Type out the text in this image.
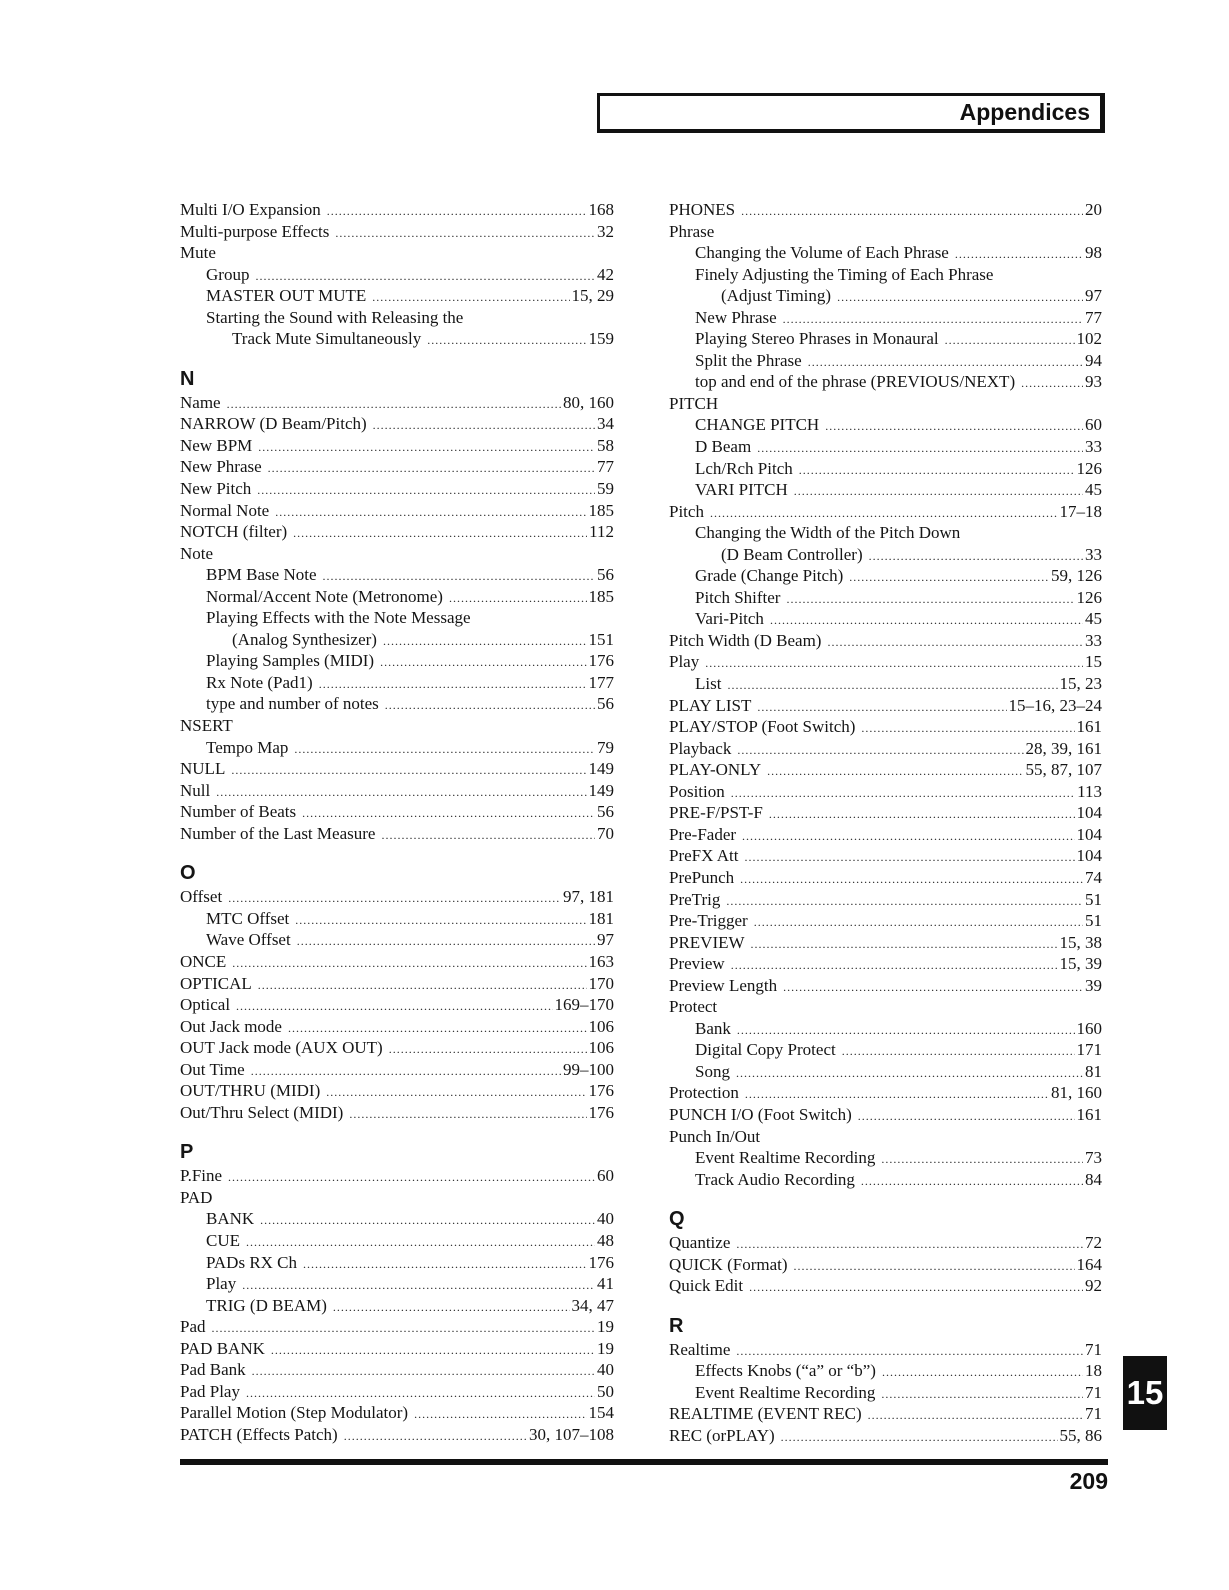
Appendices
Multi I/O Expansion .....	168
Multi-purpose Effects .....	32
Mute
Group .....	42
MASTER OUT MUTE .....	15, 29
Starting the Sound with Releasing the
Track Mute Simultaneously .....	159
N
Name .....	80, 160
NARROW (D Beam/Pitch) .....	34
New BPM .....	58
New Phrase .....	77
New Pitch .....	59
Normal Note .....	185
NOTCH (filter) .....	112
Note
BPM Base Note .....	56
Normal/Accent Note (Metronome) .....	185
Playing Effects with the Note Message
(Analog Synthesizer) .....	151
Playing Samples (MIDI) .....	176
Rx Note (Pad1) .....	177
type and number of notes .....	56
NSERT
Tempo Map .....	79
NULL .....	149
Null .....	149
Number of Beats .....	56
Number of the Last Measure .....	70
O
Offset .....	97, 181
MTC Offset .....	181
Wave Offset .....	97
ONCE .....	163
OPTICAL .....	170
Optical .....	169–170
Out Jack mode .....	106
OUT Jack mode (AUX OUT) .....	106
Out Time .....	99–100
OUT/THRU (MIDI) .....	176
Out/Thru Select (MIDI) .....	176
P
P.Fine .....	60
PAD
BANK .....	40
CUE .....	48
PADs RX Ch .....	176
Play .....	41
TRIG (D BEAM) .....	34, 47
Pad .....	19
PAD BANK .....	19
Pad Bank .....	40
Pad Play .....	50
Parallel Motion (Step Modulator) .....	154
PATCH (Effects Patch) .....	30, 107–108
PHONES .....	20
Phrase
Changing the Volume of Each Phrase .....	98
Finely Adjusting the Timing of Each Phrase
(Adjust Timing) .....	97
New Phrase .....	77
Playing Stereo Phrases in Monaural .....	102
Split the Phrase .....	94
top and end of the phrase (PREVIOUS/NEXT) .....	93
PITCH
CHANGE PITCH .....	60
D Beam .....	33
Lch/Rch Pitch .....	126
VARI PITCH .....	45
Pitch .....	17–18
Changing the Width of the Pitch Down
(D Beam Controller) .....	33
Grade (Change Pitch) .....	59, 126
Pitch Shifter .....	126
Vari-Pitch .....	45
Pitch Width (D Beam) .....	33
Play .....	15
List .....	15, 23
PLAY LIST .....	15–16, 23–24
PLAY/STOP (Foot Switch) .....	161
Playback .....	28, 39, 161
PLAY-ONLY .....	55, 87, 107
Position .....	113
PRE-F/PST-F .....	104
Pre-Fader .....	104
PreFX Att .....	104
PrePunch .....	74
PreTrig .....	51
Pre-Trigger .....	51
PREVIEW .....	15, 38
Preview .....	15, 39
Preview Length .....	39
Protect
Bank .....	160
Digital Copy Protect .....	171
Song .....	81
Protection .....	81, 160
PUNCH I/O (Foot Switch) .....	161
Punch In/Out
Event Realtime Recording .....	73
Track Audio Recording .....	84
Q
Quantize .....	72
QUICK (Format) .....	164
Quick Edit .....	92
R
Realtime .....	71
Effects Knobs (“a” or “b”) .....	18
Event Realtime Recording .....	71
REALTIME (EVENT REC) .....	71
REC (orPLAY) .....	55, 86
15
209
